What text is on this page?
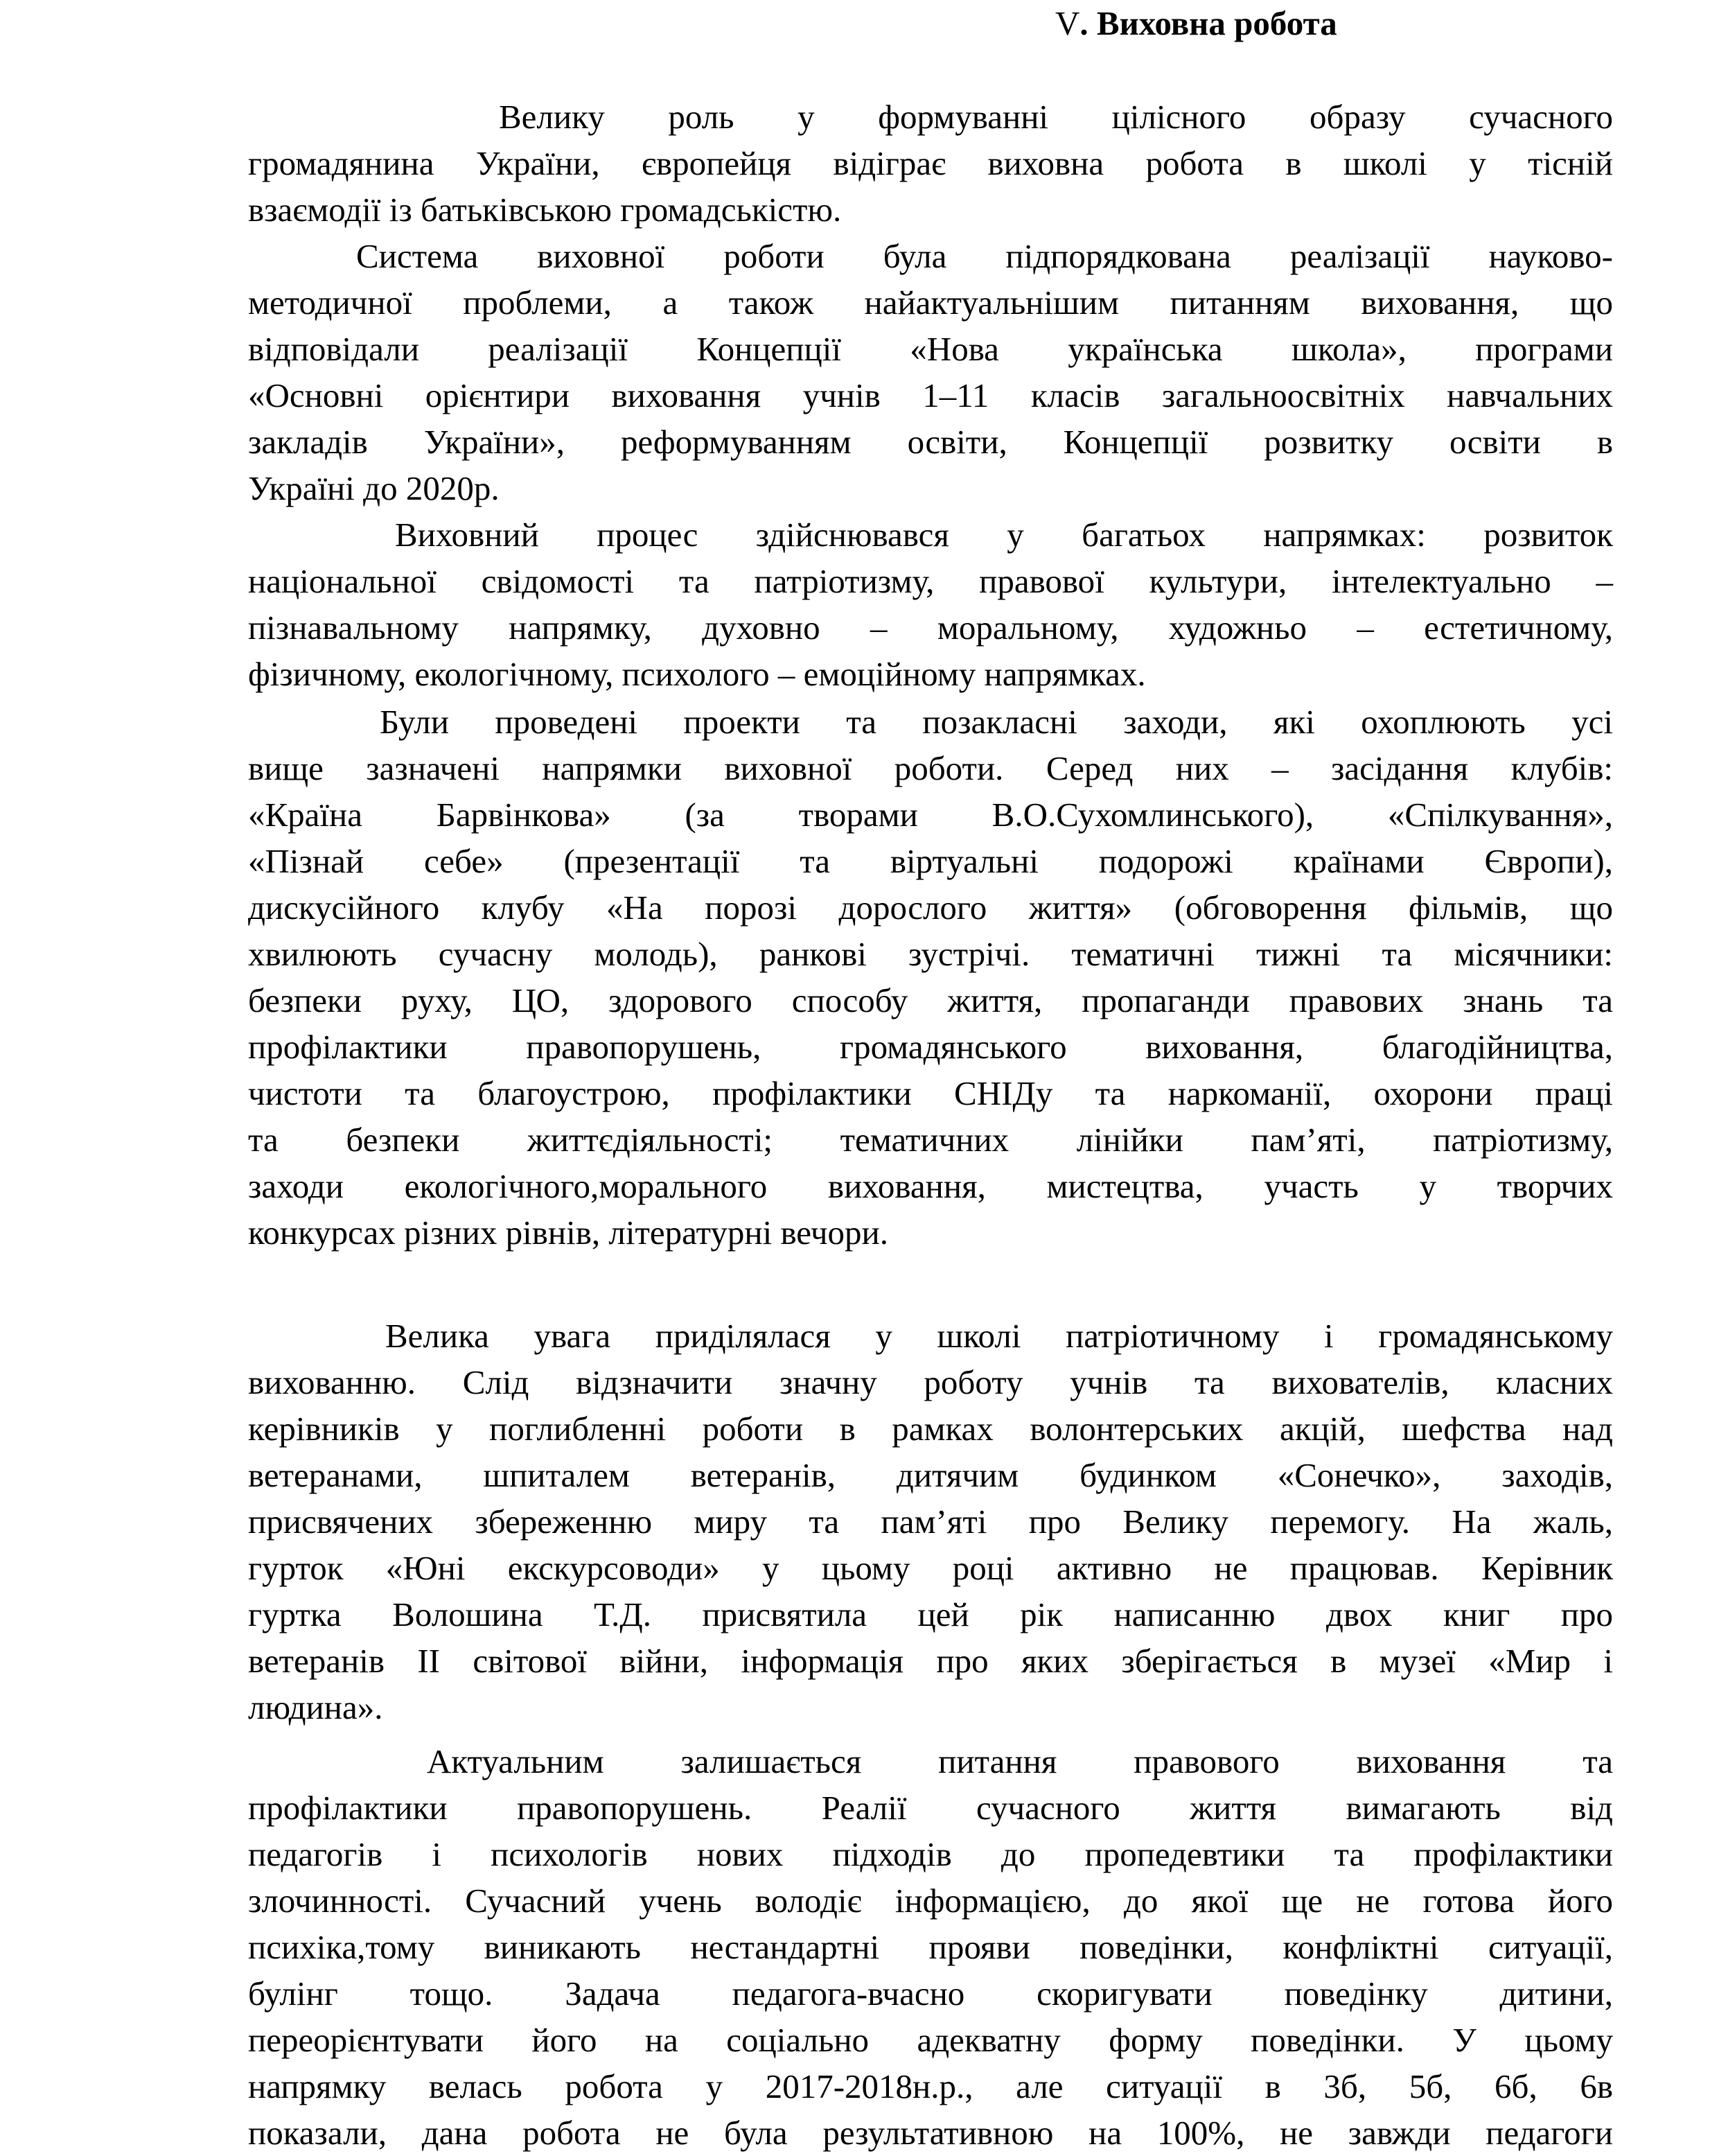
V. Виховна робота
Велику роль у формуванні цілісного образу сучасного
громадянина України, європейця відіграє виховна робота в школі у тісній
взаємодії із батьківською громадськістю.
Система виховної роботи була підпорядкована реалізації науково-
методичної проблеми, а також найактуальнішим питанням виховання, що
відповідали реалізації Концепції «Нова українська школа», програми
«Основні орієнтири виховання учнів 1–11 класів загальноосвітніх навчальних
закладів України», реформуванням освіти, Концепції розвитку освіти в
Україні до 2020р.
Виховний процес здійснювався у багатьох напрямках: розвиток
національної свідомості та патріотизму, правової культури, інтелектуально –
пізнавальному напрямку, духовно – моральному, художньо – естетичному,
фізичному, екологічному, психолого – емоційному напрямках.
Були проведені проекти та позакласні заходи, які охоплюють усі
вище зазначені напрямки виховної роботи. Серед них – засідання клубів:
«Країна Барвінкова» (за творами В.О.Сухомлинського), «Спілкування»,
«Пізнай себе» (презентації та віртуальні подорожі країнами Європи),
дискусійного клубу «На порозі дорослого життя» (обговорення фільмів, що
хвилюють сучасну молодь), ранкові зустрічі. тематичні тижні та місячники:
безпеки руху, ЦО, здорового способу життя, пропаганди правових знань та
профілактики правопорушень, громадянського виховання, благодійництва,
чистоти та благоустрою, профілактики СНІДу та наркоманії, охорони праці
та безпеки життєдіяльності; тематичних лінійки пам’яті, патріотизму,
заходи екологічного,морального виховання, мистецтва, участь у творчих
конкурсах різних рівнів, літературні вечори.
Велика увага приділялася у школі патріотичному і громадянському
вихованню. Слід відзначити значну роботу учнів та вихователів, класних
керівників у поглибленні роботи в рамках волонтерських акцій, шефства над
ветеранами, шпиталем ветеранів, дитячим будинком «Сонечко», заходів,
присвячених збереженню миру та пам’яті про Велику перемогу. На жаль,
гурток «Юні екскурсоводи» у цьому році активно не працював. Керівник
гуртка Волошина Т.Д. присвятила цей рік написанню двох книг про
ветеранів ІІ світової війни, інформація про яких зберігається в музеї «Мир і
людина».
Актуальним залишається питання правового виховання та
профілактики правопорушень. Реалії сучасного життя вимагають від
педагогів і психологів нових підходів до пропедевтики та профілактики
злочинності. Сучасний учень володіє інформацією, до якої ще не готова його
психіка,тому виникають нестандартні прояви поведінки, конфліктні ситуації,
булінг тощо. Задача педагога-вчасно скоригувати поведінку дитини,
переорієнтувати його на соціально адекватну форму поведінки. У цьому
напрямку велась робота у 2017-2018н.р., але ситуації в 3б, 5б, 6б, 6в
показали, дана робота не була результативною на 100%, не завжди педагоги
